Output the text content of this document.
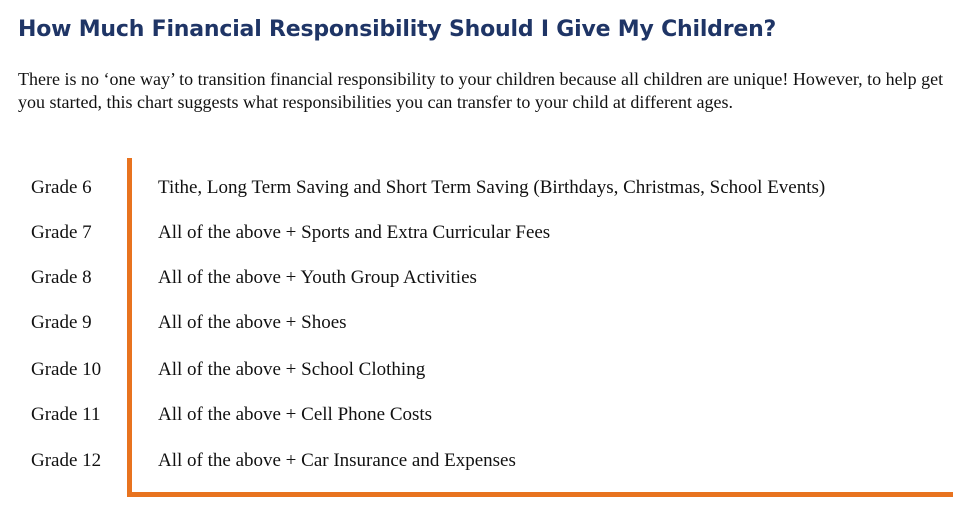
How Much Financial Responsibility Should I Give My Children?

There is no ‘one way’ to transition financial responsibility to your children because all children are unique! However, to help get you started, this chart suggests what responsibilities you can transfer to your child at different ages.

Grade 6	Tithe, Long Term Saving and Short Term Saving (Birthdays, Christmas, School Events)
Grade 7	All of the above + Sports and Extra Curricular Fees
Grade 8	All of the above + Youth Group Activities
Grade 9	All of the above + Shoes
Grade 10	All of the above + School Clothing
Grade 11	All of the above + Cell Phone Costs
Grade 12	All of the above + Car Insurance and Expenses
